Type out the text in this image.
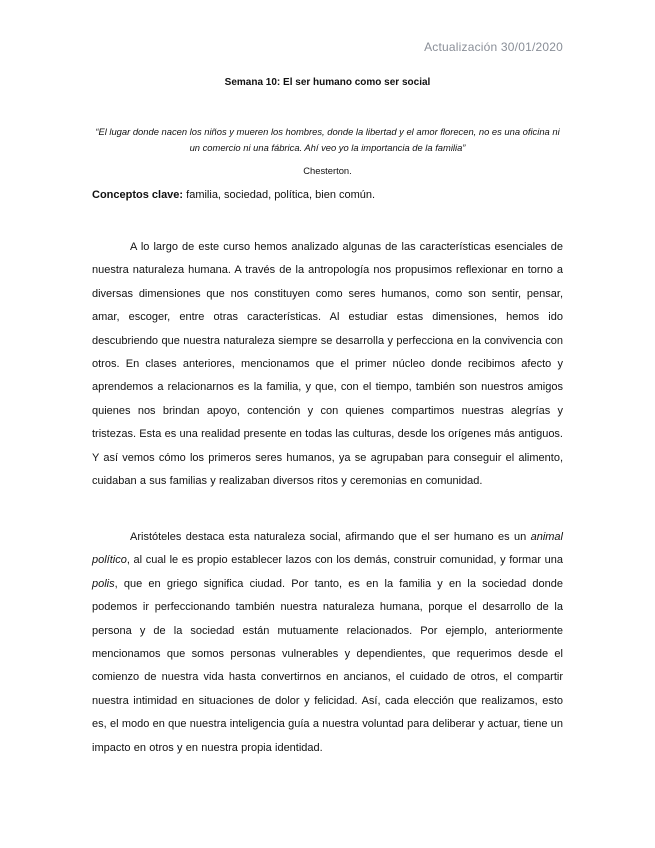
Actualización 30/01/2020
Semana 10: El ser humano como ser social
“El lugar donde nacen los niños y mueren los hombres, donde la libertad y el amor florecen, no es una oficina ni un comercio ni una fábrica. Ahí veo yo la importancia de la familia”
Chesterton.
Conceptos clave: familia, sociedad, política, bien común.

A lo largo de este curso hemos analizado algunas de las características esenciales de nuestra naturaleza humana. A través de la antropología nos propusimos reflexionar en torno a diversas dimensiones que nos constituyen como seres humanos, como son sentir, pensar, amar, escoger, entre otras características. Al estudiar estas dimensiones, hemos ido descubriendo que nuestra naturaleza siempre se desarrolla y perfecciona en la convivencia con otros. En clases anteriores, mencionamos que el primer núcleo donde recibimos afecto y aprendemos a relacionarnos es la familia, y que, con el tiempo, también son nuestros amigos quienes nos brindan apoyo, contención y con quienes compartimos nuestras alegrías y tristezas. Esta es una realidad presente en todas las culturas, desde los orígenes más antiguos. Y así vemos cómo los primeros seres humanos, ya se agrupaban para conseguir el alimento, cuidaban a sus familias y realizaban diversos ritos y ceremonias en comunidad.

Aristóteles destaca esta naturaleza social, afirmando que el ser humano es un animal político, al cual le es propio establecer lazos con los demás, construir comunidad, y formar una polis, que en griego significa ciudad. Por tanto, es en la familia y en la sociedad donde podemos ir perfeccionando también nuestra naturaleza humana, porque el desarrollo de la persona y de la sociedad están mutuamente relacionados. Por ejemplo, anteriormente mencionamos que somos personas vulnerables y dependientes, que requerimos desde el comienzo de nuestra vida hasta convertirnos en ancianos, el cuidado de otros, el compartir nuestra intimidad en situaciones de dolor y felicidad. Así, cada elección que realizamos, esto es, el modo en que nuestra inteligencia guía a nuestra voluntad para deliberar y actuar, tiene un impacto en otros y en nuestra propia identidad.
